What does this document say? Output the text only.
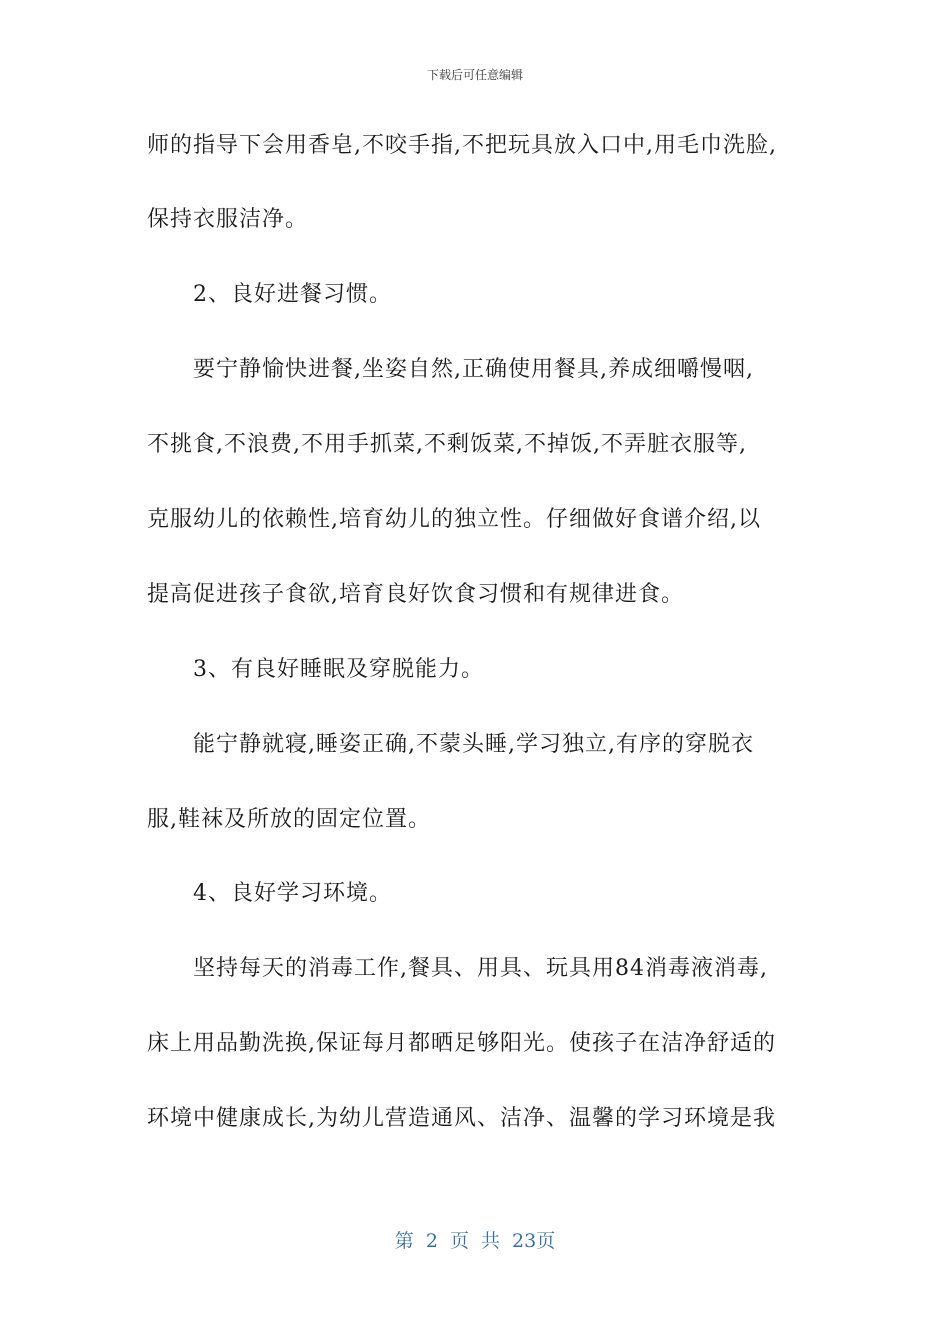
下载后可任意编辑
师的指导下会用香皂,不咬手指,不把玩具放入口中,用毛巾洗脸,
保持衣服洁净。
2、良好进餐习惯。
要宁静愉快进餐,坐姿自然,正确使用餐具,养成细嚼慢咽,
不挑食,不浪费,不用手抓菜,不剩饭菜,不掉饭,不弄脏衣服等,
克服幼儿的依赖性,培育幼儿的独立性。仔细做好食谱介绍,以
提高促进孩子食欲,培育良好饮食习惯和有规律进食。
3、有良好睡眠及穿脱能力。
能宁静就寝,睡姿正确,不蒙头睡,学习独立,有序的穿脱衣
服,鞋袜及所放的固定位置。
4、良好学习环境。
坚持每天的消毒工作,餐具、用具、玩具用84消毒液消毒,
床上用品勤洗换,保证每月都晒足够阳光。使孩子在洁净舒适的
环境中健康成长,为幼儿营造通风、洁净、温馨的学习环境是我
第 2 页 共 23页
